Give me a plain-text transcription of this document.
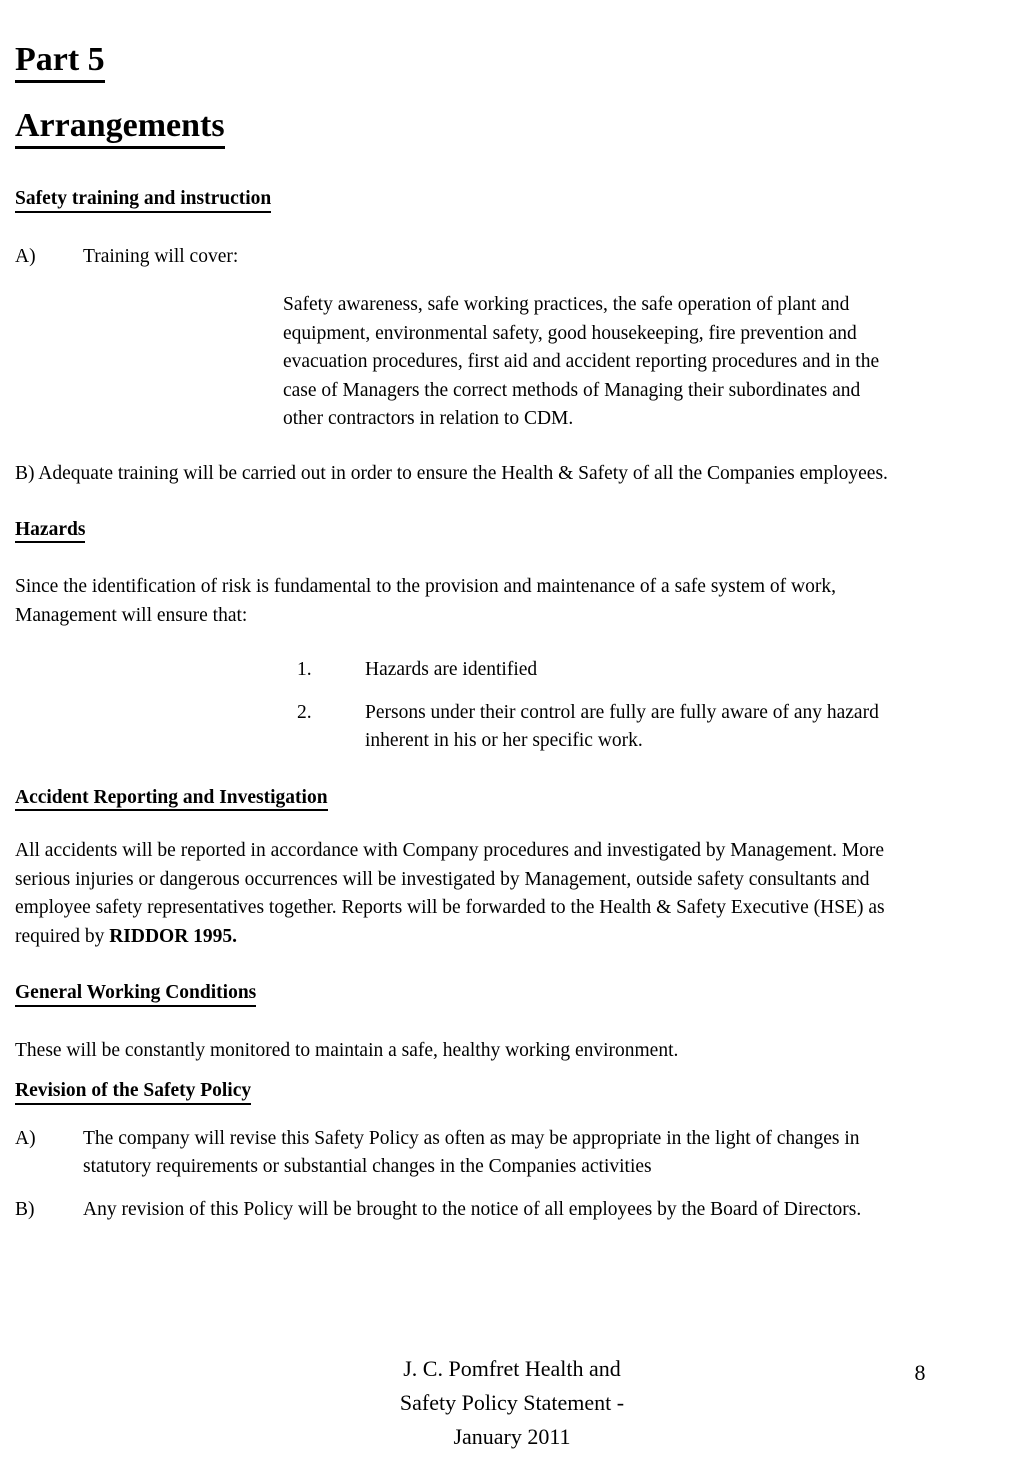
Part 5
Arrangements
Safety training and instruction
A)	Training will cover:
Safety awareness, safe working practices, the safe operation of plant and equipment, environmental safety, good housekeeping, fire prevention and evacuation procedures, first aid and accident reporting procedures and in the case of Managers the correct methods of Managing their subordinates and other contractors in relation to CDM.
B) Adequate training will be carried out in order to ensure the Health & Safety of all the Companies employees.
Hazards
Since the identification of risk is fundamental to the provision and maintenance of a safe system of work, Management will ensure that:
1.	Hazards are identified
2.	Persons under their control are fully are fully aware of any hazard inherent in his or her specific work.
Accident Reporting and Investigation
All accidents will be reported in accordance with Company procedures and investigated by Management. More serious injuries or dangerous occurrences will be investigated by Management, outside safety consultants and employee safety representatives together. Reports will be forwarded to the Health & Safety Executive (HSE) as required by RIDDOR 1995.
General Working Conditions
These will be constantly monitored to maintain a safe, healthy working environment.
Revision of the Safety Policy
A)	The company will revise this Safety Policy as often as may be appropriate in the light of changes in statutory requirements or substantial changes in the Companies activities
B)	Any revision of this Policy will be brought to the notice of all employees by the Board of Directors.
J. C. Pomfret Health and
Safety Policy Statement -
January 2011
8
